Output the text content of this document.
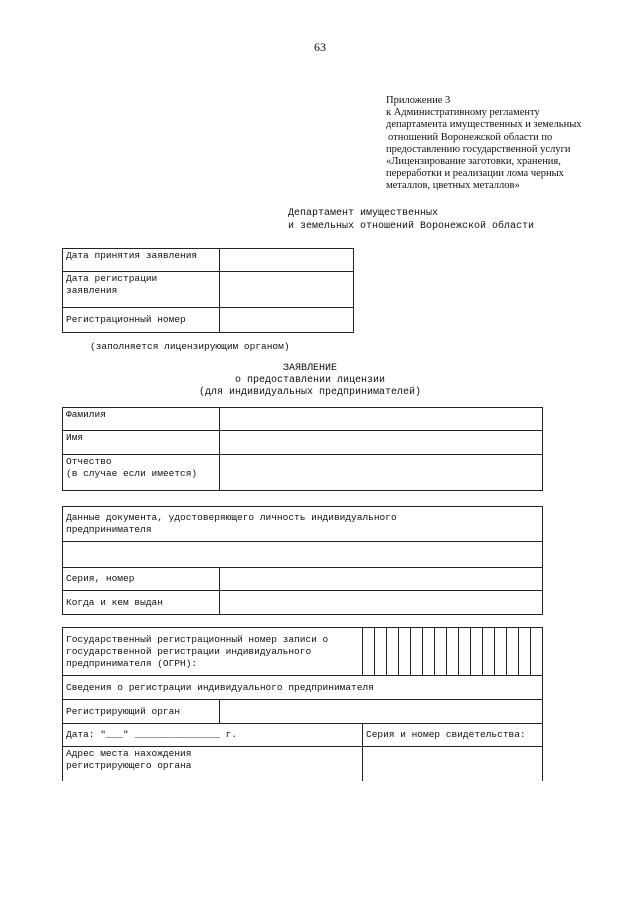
63
Приложение 3
к Административному регламенту
департамента имущественных и земельных
отношений Воронежской области по
предоставлению государственной услуги
«Лицензирование заготовки, хранения,
переработки и реализации лома черных
металлов, цветных металлов»
Департамент имущественных
и земельных отношений Воронежской области
Дата принятия заявления	
Дата регистрации
заявления	
Регистрационный номер	
(заполняется лицензирующим органом)
ЗАЯВЛЕНИЕ
о предоставлении лицензии
(для индивидуальных предпринимателей)
Фамилия	
Имя	
Отчество
(в случае если имеется)	
Данные документа, удостоверяющего личность индивидуального
предпринимателя	

Серия, номер	
Когда и кем выдан	
Государственный регистрационный номер записи о
государственной регистрации индивидуального
предпринимателя (ОГРН):																
Сведения о регистрации индивидуального предпринимателя																
Регистрирующий орган																
Дата: "___" _______________ г.		Серия и номер свидетельства:														
Адрес места нахождения
регистрирующего органа																
